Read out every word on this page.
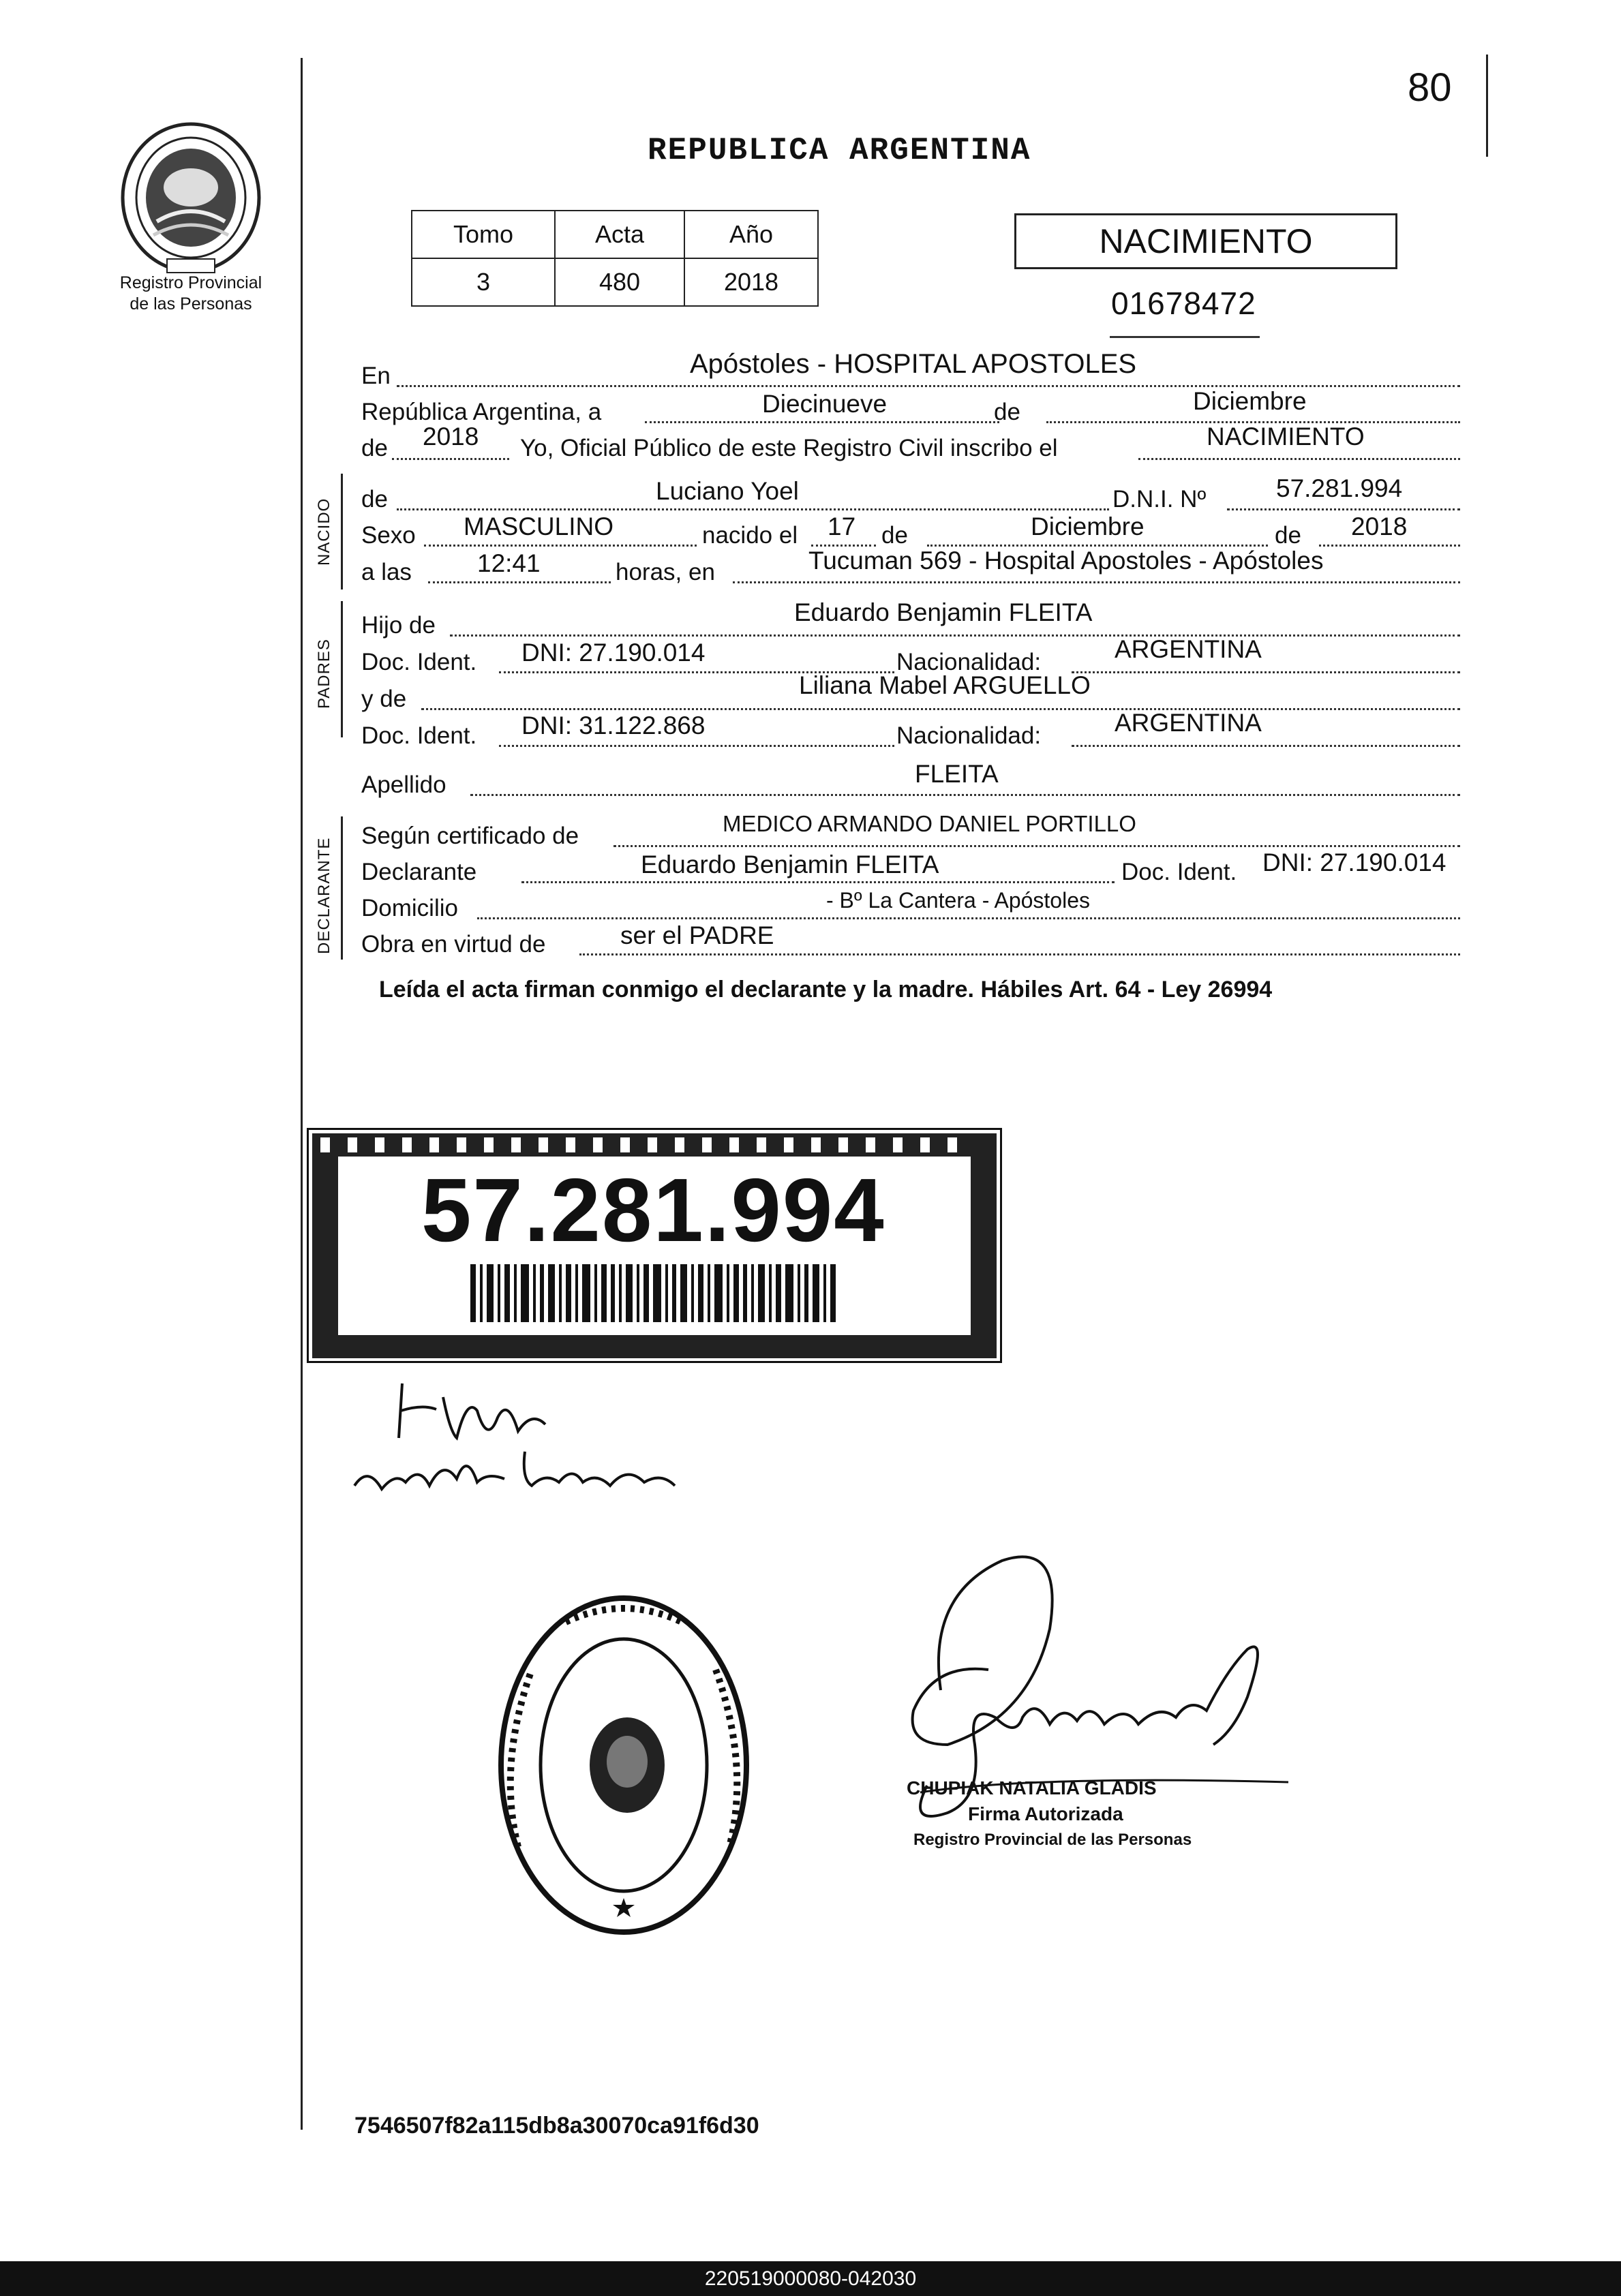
80
Registro Provincial
de las Personas
REPUBLICA ARGENTINA
Tomo	Acta	Año
3	480	2018
NACIMIENTO
01678472
En	Apóstoles - HOSPITAL APOSTOLES
República Argentina, a	Diecinueve	de	Diciembre
de 2018 Yo, Oficial Público de este Registro Civil inscribo el	NACIMIENTO
NACIDO de	Luciano Yoel	D.N.I. Nº	57.281.994
Sexo MASCULINO	nacido el 17 de	Diciembre	de 2018
a las	12:41	horas, en	Tucuman 569 - Hospital Apostoles - Apóstoles
PADRES
Hijo de	Eduardo Benjamin FLEITA
Doc. Ident. DNI: 27.190.014	Nacionalidad:	ARGENTINA
y de	Liliana Mabel ARGUELLO
Doc. Ident. DNI: 31.122.868	Nacionalidad:	ARGENTINA
Apellido	FLEITA
DECLARANTE
Según certificado de	MEDICO ARMANDO DANIEL PORTILLO
Declarante	Eduardo Benjamin FLEITA	Doc. Ident. DNI: 27.190.014
Domicilio	- Bº La Cantera - Apóstoles
Obra en virtud de	ser el PADRE
Leída el acta firman conmigo el declarante y la madre. Hábiles Art. 64 - Ley 26994
57.281.994
CHUPIAK NATALIA GLADIS
Firma Autorizada
Registro Provincial de las Personas
7546507f82a115db8a30070ca91f6d30
220519000080-042030
